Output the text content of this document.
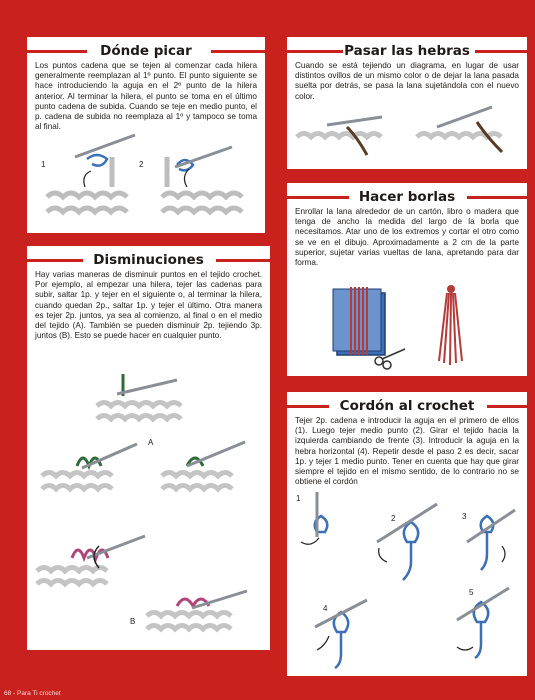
Dónde picar

Los puntos cadena que se tejen al comenzar cada hilera generalmente reemplazan al 1º punto. El punto siguiente se hace introduciendo la aguja en el 2º punto de la hilera anterior. Al terminar la hilera, el punto se toma en el último punto cadena de subida. Cuando se teje en medio punto, el p. cadena de subida no reemplaza al 1º y tampoco se toma al final.

1	2
Pasar las hebras

Cuando se está tejiendo un diagrama, en lugar de usar distintos ovillos de un mismo color o de dejar la lana pasada suelta por detrás, se pasa la lana sujetándola con el nuevo color.

Hacer borlas

Enrollar la lana alrededor de un cartón, libro o madera que tenga de ancho la medida del largo de la borla que necesitamos. Atar uno de los extremos y cortar el otro como se ve en el dibujo. Aproximadamente a 2 cm de la parte superior, sujetar varias vueltas de lana, apretando para dar forma.

Disminuciones

Hay varias maneras de disminuir puntos en el tejido crochet. Por ejemplo, al empezar una hilera, tejer las cadenas para subir, saltar 1p. y tejer en el siguiente o, al terminar la hilera, cuando quedan 2p., saltar 1p. y tejer el último. Otra manera es tejer 2p. juntos, ya sea al comienzo, al final o en el medio del tejido (A). También se pueden disminuir 2p. tejiendo 3p. juntos (B). Esto se puede hacer en cualquier punto.

A
B
Cordón al crochet

Tejer 2p. cadena e introducir la aguja en el primero de ellos (1). Luego tejer medio punto (2). Girar el tejido hacia la izquierda cambiando de frente (3). Introducir la aguja en la hebra horizontal (4). Repetir desde el paso 2 es decir, sacar 1p. y tejer 1 medio punto. Tener en cuenta que hay que girar siempre el tejido en el mismo sentido, de lo contrario no se obtiene el cordón

1
2	3
4
5
68 - Para Ti crochet
